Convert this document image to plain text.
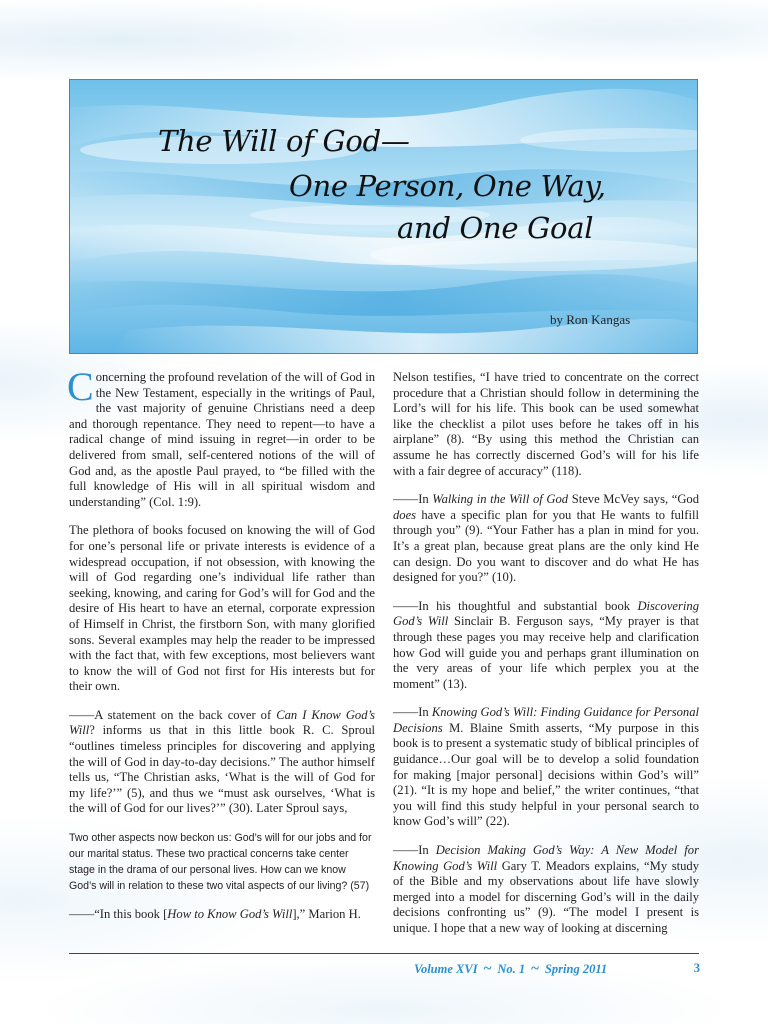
The Will of God—
One Person, One Way,
and One Goal
by Ron Kangas

Concerning the profound revelation of the will of God in the New Testament, especially in the writings of Paul, the vast majority of genuine Christians need a deep and thorough repentance. They need to repent—to have a radical change of mind issuing in regret—in order to be delivered from small, self-centered notions of the will of God and, as the apostle Paul prayed, to “be filled with the full knowledge of His will in all spiritual wisdom and understanding” (Col. 1:9).

The plethora of books focused on knowing the will of God for one’s personal life or private interests is evidence of a widespread occupation, if not obsession, with knowing the will of God regarding one’s individual life rather than seeking, knowing, and caring for God’s will for God and the desire of His heart to have an eternal, corporate expression of Himself in Christ, the firstborn Son, with many glorified sons. Several examples may help the reader to be impressed with the fact that, with few exceptions, most believers want to know the will of God not first for His interests but for their own.

——A statement on the back cover of Can I Know God’s Will? informs us that in this little book R. C. Sproul “outlines timeless principles for discovering and applying the will of God in day-to-day decisions.” The author himself tells us, “The Christian asks, ‘What is the will of God for my life?’” (5), and thus we “must ask ourselves, ‘What is the will of God for our lives?’” (30). Later Sproul says,

Two other aspects now beckon us: God’s will for our jobs and for our marital status. These two practical concerns take center stage in the drama of our personal lives. How can we know God’s will in relation to these two vital aspects of our living? (57)

——“In this book [How to Know God’s Will],” Marion H.

Nelson testifies, “I have tried to concentrate on the correct procedure that a Christian should follow in determining the Lord’s will for his life. This book can be used somewhat like the checklist a pilot uses before he takes off in his airplane” (8). “By using this method the Christian can assume he has correctly discerned God’s will for his life with a fair degree of accuracy” (118).

——In Walking in the Will of God Steve McVey says, “God does have a specific plan for you that He wants to fulfill through you” (9). “Your Father has a plan in mind for you. It’s a great plan, because great plans are the only kind He can design. Do you want to discover and do what He has designed for you?” (10).

——In his thoughtful and substantial book Discovering God’s Will Sinclair B. Ferguson says, “My prayer is that through these pages you may receive help and clarification how God will guide you and perhaps grant illumination on the very areas of your life which perplex you at the moment” (13).

——In Knowing God’s Will: Finding Guidance for Personal Decisions M. Blaine Smith asserts, “My purpose in this book is to present a systematic study of biblical principles of guidance…Our goal will be to develop a solid foundation for making [major personal] decisions within God’s will” (21). “It is my hope and belief,” the writer continues, “that you will find this study helpful in your personal search to know God’s will” (22).

——In Decision Making God’s Way: A New Model for Knowing God’s Will Gary T. Meadors explains, “My study of the Bible and my observations about life have slowly merged into a model for discerning God’s will in the daily decisions confronting us” (9). “The model I present is unique. I hope that a new way of looking at discerning

Volume XVI ~ No. 1 ~ Spring 2011	3
